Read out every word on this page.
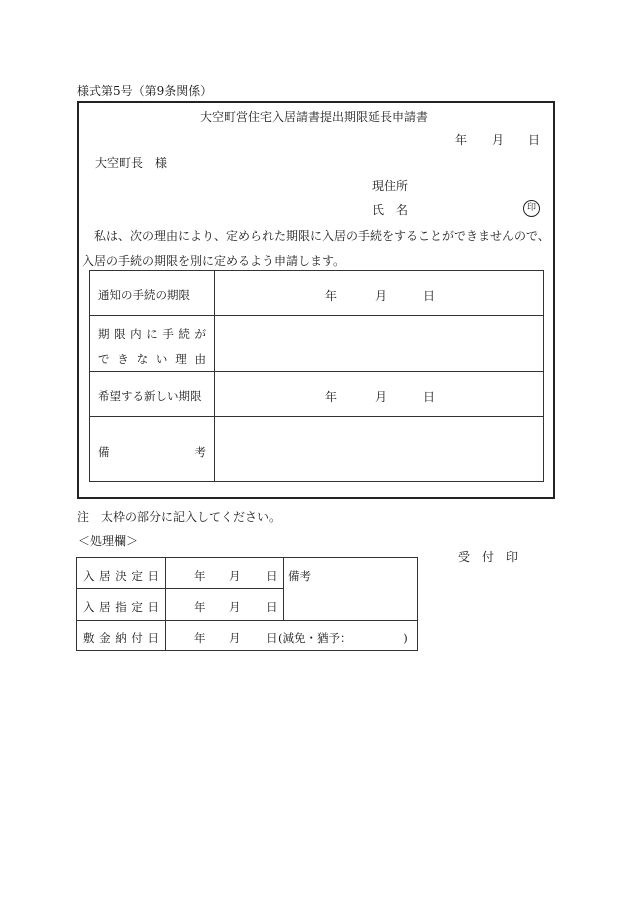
様式第5号（第9条関係）
大空町営住宅入居請書提出期限延長申請書
年 月 日
大空町長　様
現住所
氏　名	印
　私は、次の理由により、定められた期限に入居の手続をすることができませんので、
入居の手続の期限を別に定めるよう申請します。
通知の手続の期限	年	月	日
期 限 内 に 手 続 が
で き な い 理 由
希望する新しい期限	年	月	日
備	考
注　太枠の部分に記入してください。
＜処理欄＞
受　付　印
入 居 決 定 日	年 月 日
入 居 指 定 日	年 月 日
備考
敷 金 納 付 日	年 月 日 (減免・猶予：　　　　　)
